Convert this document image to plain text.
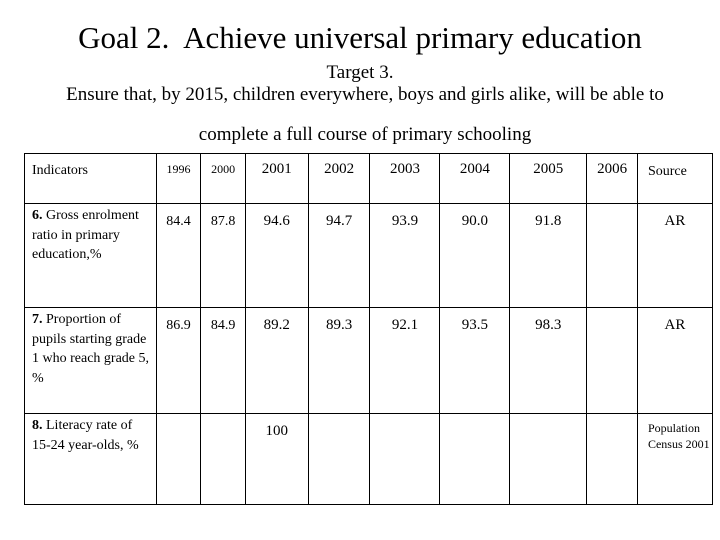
Goal 2. Achieve universal primary education
Target 3.
Ensure that, by 2015, children everywhere, boys and girls alike, will be able to
complete a full course of primary schooling
Indicators	1996	2000	2001	2002	2003	2004	2005	2006	Source
6. Gross enrolment ratio in primary education,%	84.4	87.8	94.6	94.7	93.9	90.0	91.8		AR
7. Proportion of pupils starting grade 1 who reach grade 5, %	86.9	84.9	89.2	89.3	92.1	93.5	98.3		AR
8. Literacy rate of 15-24 year-olds, %			100						Population Census 2001
